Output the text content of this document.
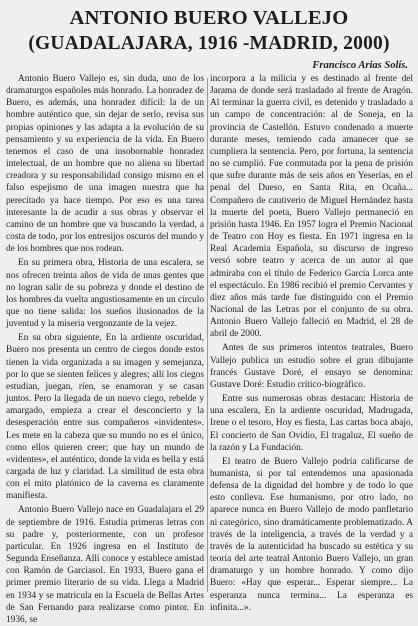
ANTONIO BUERO VALLEJO
(GUADALAJARA, 1916 -MADRID, 2000)
Francisco Arias Solís.

Antonio Buero Vallejo es, sin duda, uno de los dramaturgos españoles más honrado. La honradez de Buero, es además, una honradez difícil: la de un hombre auténtico que, sin dejar de serlo, revisa sus propias opiniones y las adapta a la evolución de su pensamiento y su experiencia de la vida. En Buero tenemos el caso de una insobornable honradez intelectual, de un hombre que no aliena su libertad creadora y su responsabilidad consigo mismo en el falso espejismo de una imagen nuestra que ha perecitado ya hace tiempo. Por eso es una tarea interesante la de acudir a sus obras y observar el camino de un hombre que va buscando la verdad, a costa de todo, por los entresijos oscuros del mundo y de los hombres que nos rodean.

En su primera obra, Historia de una escalera, se nos ofrecen treinta años de vida de unas gentes que no logran salir de su pobreza y donde el destino de los hombres da vuelta angustiosamente en un círculo que no tiene salida: los sueños ilusionados de la juventud y la miseria vergonzante de la vejez.

En su obra siguiente, En la ardiente oscuridad, Buero nos presenta un centro de ciegos donde estos tienen la vida organizada a su imagen y semejanza, por lo que se sienten felices y alegres; allí los ciegos estudian, juegan, ríen, se enamoran y se casan juntos. Pero la llegada de un nuevo ciego, rebelde y amargado, empieza a crear el desconcierto y la desesperación entre sus compañeros «invidentes». Les mete en la cabeza que su mundo no es el único, como ellos quieren creer; que hay un mundo de «videntes», el auténtico, donde la vida es bella y está cargada de luz y claridad. La similitud de esta obra con el mito platónico de la caverna es claramente manifiesta.

Antonio Buero Vallejo nace en Guadalajara el 29 de septiembre de 1916. Estudia primeras letras con su padre y, posteriormente, con un profesor particular. En 1926 ingresa en el Instituto de Segunda Enseñanza. Allí conoce y establece amistad con Ramón de Garciasol. En 1933, Buero gana el primer premio literario de su vida. Llega a Madrid en 1934 y se matricula en la Escuela de Bellas Artes de San Fernando para realizarse como pintor. En 1936, se

incorpora a la milicia y es destinado al frente del Jarama de donde será trasladado al frente de Aragón. Al terminar la guerra civil, es detenido y trasladado a un campo de concentración: al de Soneja, en la provincia de Castellón. Estuvo condenado a muerte durante meses, temiendo cada amanecer que se cumpliera la sentencia. Pero, por fortuna, la sentencia no se cumplió. Fue conmutada por la pena de prisión que sufre durante más de seis años en Yeserías, en el penal del Dueso, en Santa Rita, en Ocaña... Compañero de cautiverio de Miguel Hernández hasta la muerte del poeta, Buero Vallejo permaneció en prisión hasta 1946. En 1957 logra el Premio Nacional de Teatro con Hoy es fiesta. En 1971 ingresa en la Real Academia Española, su discurso de ingreso versó sobre teatro y acerca de un autor al que admiraba con el título de Federico García Lorca ante el espectáculo. En 1986 recibió el premio Cervantes y diez años más tarde fue distinguido con el Premio Nacional de las Letras por el conjunto de su obra. Antonio Buero Vallejo falleció en Madrid, el 28 de abril de 2000.

Antes de sus primeros intentos teatrales, Buero Vallejo publica un estudio sobre el gran dibujante francés Gustave Doré, el ensayo se denomina: Gustave Doré: Estudio crítico-biográfico.

Entre sus numerosas obras destacan: Historia de una escalera, En la ardiente oscuridad, Madrugada, Irene o el tesoro, Hoy es fiesta, Las cartas boca abajo, El concierto de San Ovidio, El tragaluz, El sueño de la razón y La Fundación.

El teatro de Buero Vallejo podría calificarse de humanista, si por tal entendemos una apasionada defensa de la dignidad del hombre y de todo lo que esto conlleva. Ese humanismo, por otro lado, no aparece nunca en Buero Vallejo de modo panfletario ni categórico, sino dramáticamente problematizado. A través de la inteligencia, a través de la verdad y a través de la autenticidad ha buscado su estética y su teoría del arte teatral Antonio Buero Vallejo, un gran dramaturgo y un hombre honrado. Y como dijo Buero: «Hay que esperar... Esperar siempre... La esperanza nunca termina... La esperanza es infinita...».
